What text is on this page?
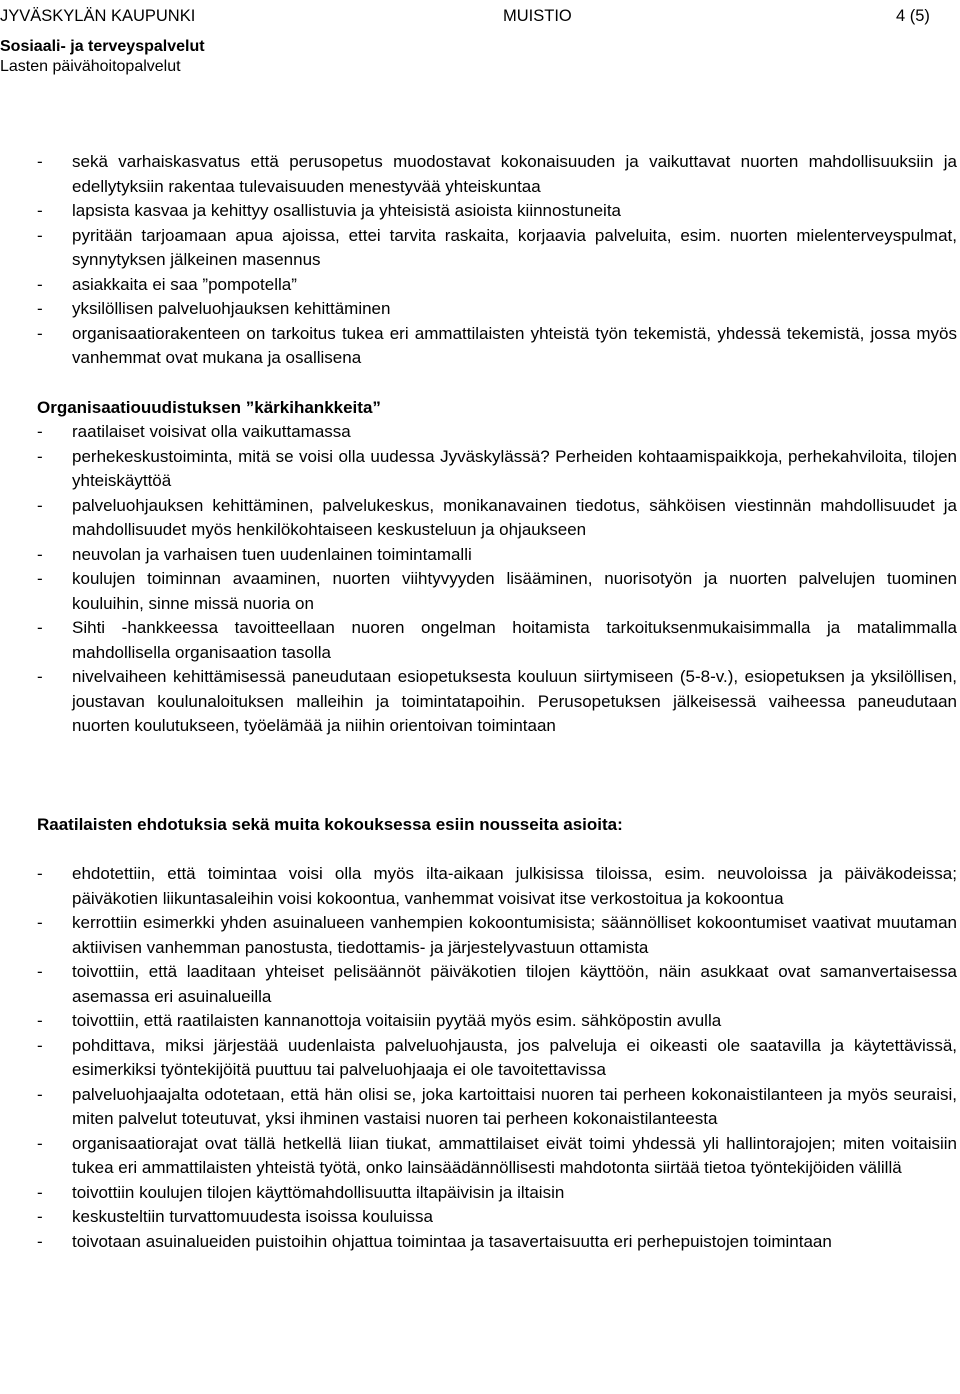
JYVÄSKYLÄN KAUPUNKI	MUISTIO	4 (5)
Sosiaali- ja terveyspalvelut
Lasten päivähoitopalvelut
- sekä varhaiskasvatus että perusopetus muodostavat kokonaisuuden ja vaikuttavat nuorten mahdollisuuksiin ja edellytyksiin rakentaa tulevaisuuden menestyvää yhteiskuntaa
- lapsista kasvaa ja kehittyy osallistuvia ja yhteisistä asioista kiinnostuneita
- pyritään tarjoamaan apua ajoissa, ettei tarvita raskaita, korjaavia palveluita, esim. nuorten mielenterveyspulmat, synnytyksen jälkeinen masennus
- asiakkaita ei saa ”pompotella”
- yksilöllisen palveluohjauksen kehittäminen
- organisaatiorakenteen on tarkoitus tukea eri ammattilaisten yhteistä työn tekemistä, yhdessä tekemistä, jossa myös vanhemmat ovat mukana ja osallisena
Organisaatiouudistuksen ”kärkihankkeita”
- raatilaiset voisivat olla vaikuttamassa
- perhekeskustoiminta, mitä se voisi olla uudessa Jyväskylässä? Perheiden kohtaamispaikkoja, perhekahviloita, tilojen yhteiskäyttöä
- palveluohjauksen kehittäminen, palvelukeskus, monikanavainen tiedotus, sähköisen viestinnän mahdollisuudet ja mahdollisuudet myös henkilökohtaiseen keskusteluun ja ohjaukseen
- neuvolan ja varhaisen tuen uudenlainen toimintamalli
- koulujen toiminnan avaaminen, nuorten viihtyvyyden lisääminen, nuorisotyön ja nuorten palvelujen tuominen kouluihin, sinne missä nuoria on
- Sihti -hankkeessa tavoitteellaan nuoren ongelman hoitamista tarkoituksenmukaisimmalla ja matalimmalla mahdollisella organisaation tasolla
- nivelvaiheen kehittämisessä paneudutaan esiopetuksesta kouluun siirtymiseen (5-8-v.), esiopetuksen ja yksilöllisen, joustavan koulunaloituksen malleihin ja toimintatapoihin. Perusopetuksen jälkeisessä vaiheessa paneudutaan nuorten koulutukseen, työelämää ja niihin orientoivan toimintaan
Raatilaisten ehdotuksia sekä muita kokouksessa esiin nousseita asioita:
- ehdotettiin, että toimintaa voisi olla myös ilta-aikaan julkisissa tiloissa, esim. neuvoloissa ja päiväkodeissa; päiväkotien liikuntasaleihin voisi kokoontua, vanhemmat voisivat itse verkostoitua ja kokoontua
- kerrottiin esimerkki yhden asuinalueen vanhempien kokoontumisista; säännölliset kokoontumiset vaativat muutaman aktiivisen vanhemman panostusta, tiedottamis- ja järjestelyvastuun ottamista
- toivottiin, että laaditaan yhteiset pelisäännöt päiväkotien tilojen käyttöön, näin asukkaat ovat samanvertaisessa asemassa eri asuinalueilla
- toivottiin, että raatilaisten kannanottoja voitaisiin pyytää myös esim. sähköpostin avulla
- pohdittava, miksi järjestää uudenlaista palveluohjausta, jos palveluja ei oikeasti ole saatavilla ja käytettävissä, esimerkiksi työntekijöitä puuttuu tai palveluohjaaja ei ole tavoitettavissa
- palveluohjaajalta odotetaan, että hän olisi se, joka kartoittaisi nuoren tai perheen kokonaistilanteen ja myös seuraisi, miten palvelut toteutuvat, yksi ihminen vastaisi nuoren tai perheen kokonaistilanteesta
- organisaatiorajat ovat tällä hetkellä liian tiukat, ammattilaiset eivät toimi yhdessä yli hallintorajojen; miten voitaisiin tukea eri ammattilaisten yhteistä työtä, onko lainsäädännöllisesti mahdotonta siirtää tietoa työntekijöiden välillä
- toivottiin koulujen tilojen käyttömahdollisuutta iltapäivisin ja iltaisin
- keskusteltiin turvattomuudesta isoissa kouluissa
- toivotaan asuinalueiden puistoihin ohjattua toimintaa ja tasavertaisuutta eri perhepuistojen toimintaan
